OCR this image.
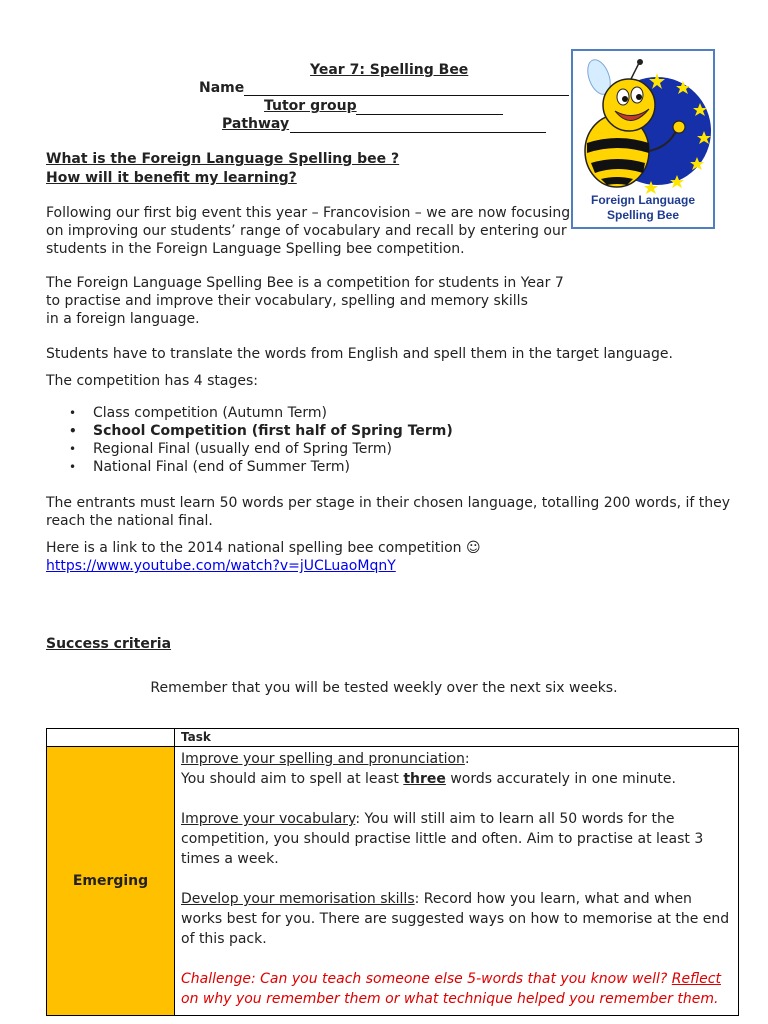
Year 7: Spelling Bee
Name
Tutor group
Pathway
Foreign Language
Spelling Bee
What is the Foreign Language Spelling bee ?
How will it benefit my learning?
Following our first big event this year – Francovision – we are now focusing
on improving our students’ range of vocabulary and recall by entering our
students in the Foreign Language Spelling bee competition.
The Foreign Language Spelling Bee is a competition for students in Year 7
to practise and improve their vocabulary, spelling and memory skills
in a foreign language.
Students have to translate the words from English and spell them in the target language.
The competition has 4 stages:
• Class competition (Autumn Term)
• School Competition (first half of Spring Term)
• Regional Final (usually end of Spring Term)
• National Final (end of Summer Term)
The entrants must learn 50 words per stage in their chosen language, totalling 200 words, if they
reach the national final.
Here is a link to the 2014 national spelling bee competition ☺
https://www.youtube.com/watch?v=jUCLuaoMqnY
Success criteria
Remember that you will be tested weekly over the next six weeks.
	Task
Emerging	Improve your spelling and pronunciation:
You should aim to spell at least three words accurately in one minute.

Improve your vocabulary: You will still aim to learn all 50 words for the competition, you should practise little and often. Aim to practise at least 3 times a week.

Develop your memorisation skills: Record how you learn, what and when works best for you. There are suggested ways on how to memorise at the end of this pack.

Challenge: Can you teach someone else 5-words that you know well? Reflect on why you remember them or what technique helped you remember them.
